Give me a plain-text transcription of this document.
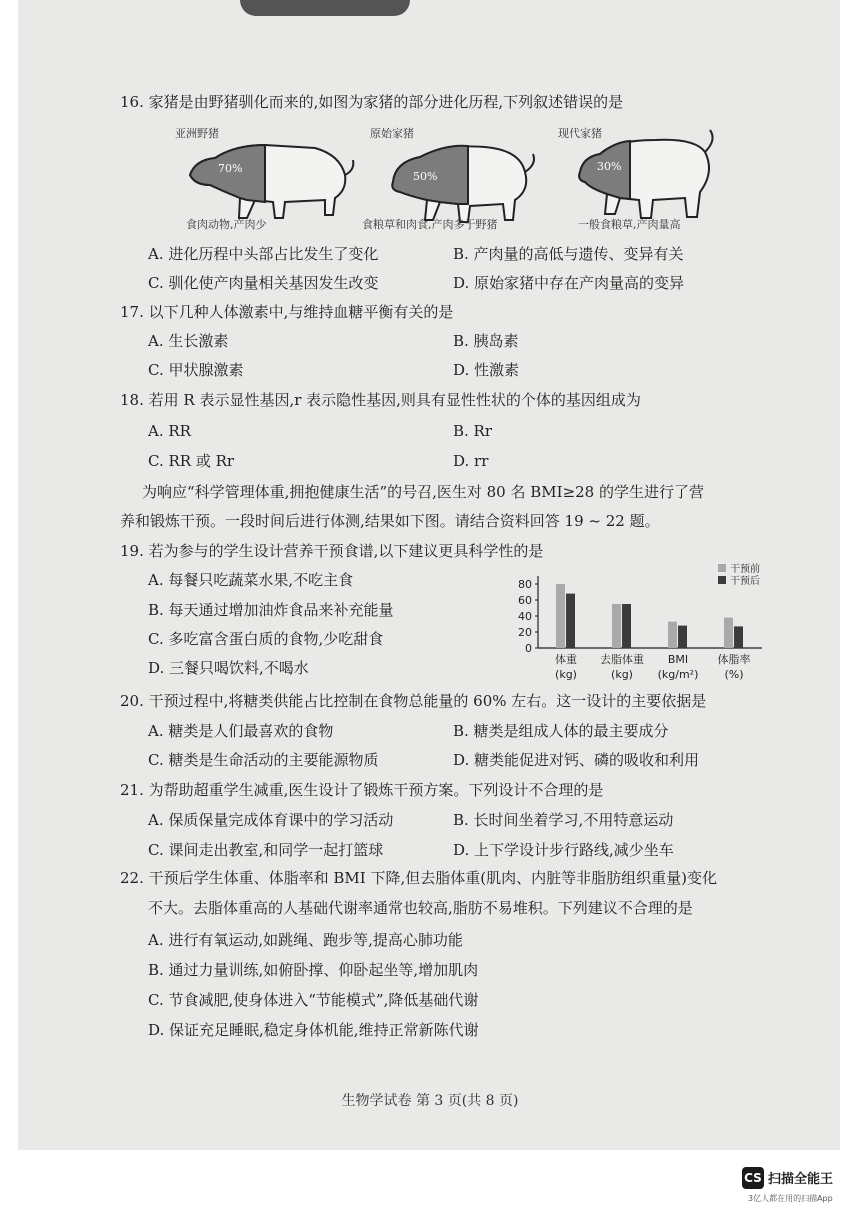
16. 家猪是由野猪驯化而来的,如图为家猪的部分进化历程,下列叙述错误的是
亚洲野猪
70%
原始家猪
50%
现代家猪
30%
食肉动物,产肉少	食粮草和肉食,产肉多于野猪	一般食粮草,产肉量高
A. 进化历程中头部占比发生了变化	B. 产肉量的高低与遗传、变异有关
C. 驯化使产肉量相关基因发生改变	D. 原始家猪中存在产肉量高的变异
17. 以下几种人体激素中,与维持血糖平衡有关的是
A. 生长激素	B. 胰岛素
C. 甲状腺激素	D. 性激素
18. 若用 R 表示显性基因,r 表示隐性基因,则具有显性性状的个体的基因组成为
A. RR	B. Rr
C. RR 或 Rr	D. rr
为响应“科学管理体重,拥抱健康生活”的号召,医生对 80 名 BMI≥28 的学生进行了营
养和锻炼干预。一段时间后进行体测,结果如下图。请结合资料回答 19 ~ 22 题。
19. 若为参与的学生设计营养干预食谱,以下建议更具科学性的是
A. 每餐只吃蔬菜水果,不吃主食
B. 每天通过增加油炸食品来补充能量
C. 多吃富含蛋白质的食物,少吃甜食
D. 三餐只喝饮料,不喝水
0
20
40
60
80
体重
(kg)
去脂体重
(kg)
BMI
(kg/m²)
体脂率
(%)
干预前
干预后
20. 干预过程中,将糖类供能占比控制在食物总能量的 60% 左右。这一设计的主要依据是
A. 糖类是人们最喜欢的食物	B. 糖类是组成人体的最主要成分
C. 糖类是生命活动的主要能源物质	D. 糖类能促进对钙、磷的吸收和利用
21. 为帮助超重学生减重,医生设计了锻炼干预方案。下列设计不合理的是
A. 保质保量完成体育课中的学习活动	B. 长时间坐着学习,不用特意运动
C. 课间走出教室,和同学一起打篮球	D. 上下学设计步行路线,减少坐车
22. 干预后学生体重、体脂率和 BMI 下降,但去脂体重(肌肉、内脏等非脂肪组织重量)变化
不大。去脂体重高的人基础代谢率通常也较高,脂肪不易堆积。下列建议不合理的是
A. 进行有氧运动,如跳绳、跑步等,提高心肺功能
B. 通过力量训练,如俯卧撑、仰卧起坐等,增加肌肉
C. 节食减肥,使身体进入“节能模式”,降低基础代谢
D. 保证充足睡眠,稳定身体机能,维持正常新陈代谢
生物学试卷 第 3 页(共 8 页)
CS 扫描全能王
3亿人都在用的扫描App
